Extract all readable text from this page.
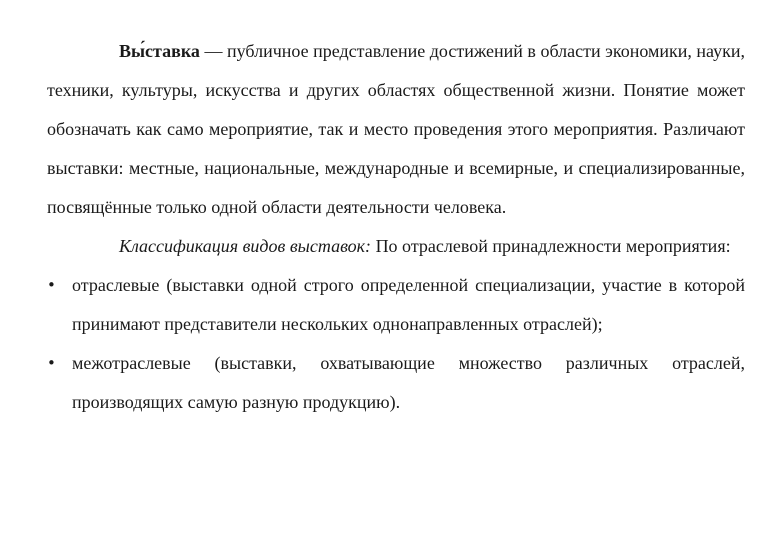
Вы́ставка — публичное представление достижений в области экономики, науки, техники, культуры, искусства и других областях общественной жизни. Понятие может обозначать как само мероприятие, так и место проведения этого мероприятия. Различают выставки: местные, национальные, международные и всемирные, и специализированные, посвящённые только одной области деятельности человека.

Классификация видов выставок: По отраслевой принадлежности мероприятия:

• отраслевые (выставки одной строго определенной специализации, участие в которой принимают представители нескольких однонаправленных отраслей);
• межотраслевые (выставки, охватывающие множество различных отраслей, производящих самую разную продукцию).
